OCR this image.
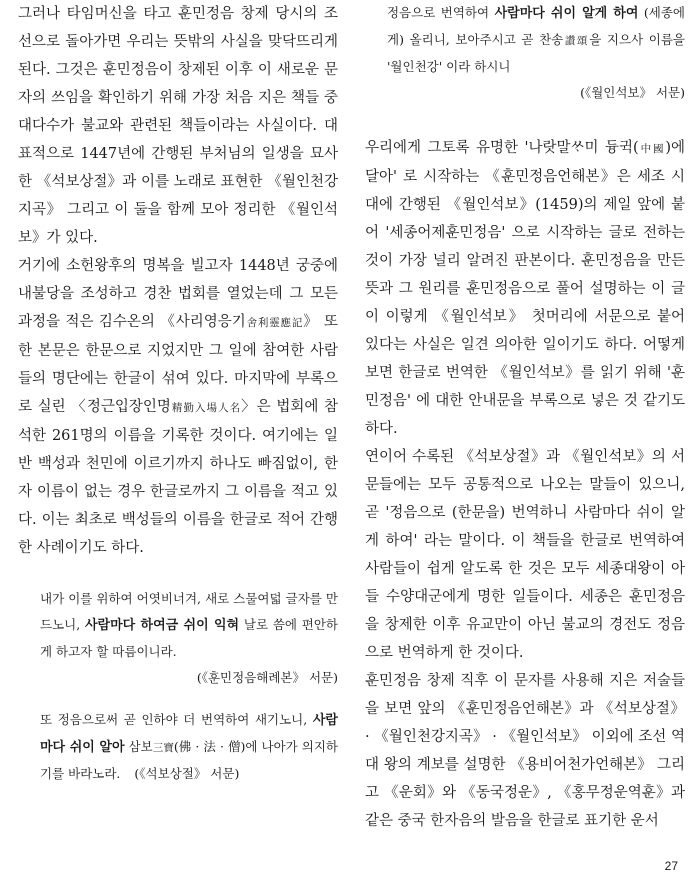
그러나 타임머신을 타고 훈민정음 창제 당시의 조선으로 돌아가면 우리는 뜻밖의 사실을 맞닥뜨리게 된다. 그것은 훈민정음이 창제된 이후 이 새로운 문자의 쓰임을 확인하기 위해 가장 처음 지은 책들 중 대다수가 불교와 관련된 책들이라는 사실이다. 대표적으로 1447년에 간행된 부처님의 일생을 묘사한 《석보상절》과 이를 노래로 표현한 《월인천강지곡》 그리고 이 둘을 함께 모아 정리한 《월인석보》가 있다.

거기에 소헌왕후의 명복을 빌고자 1448년 궁중에 내불당을 조성하고 경찬 법회를 열었는데 그 모든 과정을 적은 김수온의 《사리영응기舍利靈應記》 또한 본문은 한문으로 지었지만 그 일에 참여한 사람들의 명단에는 한글이 섞여 있다. 마지막에 부록으로 실린 〈정근입장인명精勤入場人名〉은 법회에 참석한 261명의 이름을 기록한 것이다. 여기에는 일반 백성과 천민에 이르기까지 하나도 빠짐없이, 한자 이름이 없는 경우 한글로까지 그 이름을 적고 있다. 이는 최초로 백성들의 이름을 한글로 적어 간행한 사례이기도 하다.

내가 이를 위하여 어엿비너겨, 새로 스물여덟 글자를 만드노니, 사람마다 하여금 쉬이 익혀 날로 씀에 편안하게 하고자 할 따름이니라.

(《훈민정음해례본》 서문)

또 정음으로써 곧 인하야 더 번역하여 새기노니, 사람마다 쉬이 알아 삼보三寶(佛 · 法 · 僧)에 나아가 의지하기를 바라노라. (《석보상절》 서문)

정음으로 번역하여 사람마다 쉬이 알게 하여 (세종에게) 올리니, 보아주시고 곧 찬송讚頌을 지으사 이름을 '월인천강' 이라 하시니

(《월인석보》 서문)

우리에게 그토록 유명한 '나랏말ᄊᆞ미 듕귁(中國)에 달아' 로 시작하는 《훈민정음언해본》은 세조 시대에 간행된 《월인석보》(1459)의 제일 앞에 붙어 '세종어제훈민정음' 으로 시작하는 글로 전하는 것이 가장 널리 알려진 판본이다. 훈민정음을 만든 뜻과 그 원리를 훈민정음으로 풀어 설명하는 이 글이 이렇게 《월인석보》 첫머리에 서문으로 붙어 있다는 사실은 일견 의아한 일이기도 하다. 어떻게 보면 한글로 번역한 《월인석보》를 읽기 위해 '훈민정음' 에 대한 안내문을 부록으로 넣은 것 같기도 하다.

연이어 수록된 《석보상절》과 《월인석보》의 서문들에는 모두 공통적으로 나오는 말들이 있으니, 곧 '정음으로 (한문을) 번역하니 사람마다 쉬이 알게 하여' 라는 말이다. 이 책들을 한글로 번역하여 사람들이 쉽게 알도록 한 것은 모두 세종대왕이 아들 수양대군에게 명한 일들이다. 세종은 훈민정음을 창제한 이후 유교만이 아닌 불교의 경전도 정음으로 번역하게 한 것이다.

훈민정음 창제 직후 이 문자를 사용해 지은 저술들을 보면 앞의 《훈민정음언해본》과 《석보상절》 · 《월인천강지곡》 · 《월인석보》 이외에 조선 역대 왕의 계보를 설명한 《용비어천가언해본》 그리고 《운회》와 《동국정운》, 《홍무정운역훈》과 같은 중국 한자음의 발음을 한글로 표기한 운서

27
